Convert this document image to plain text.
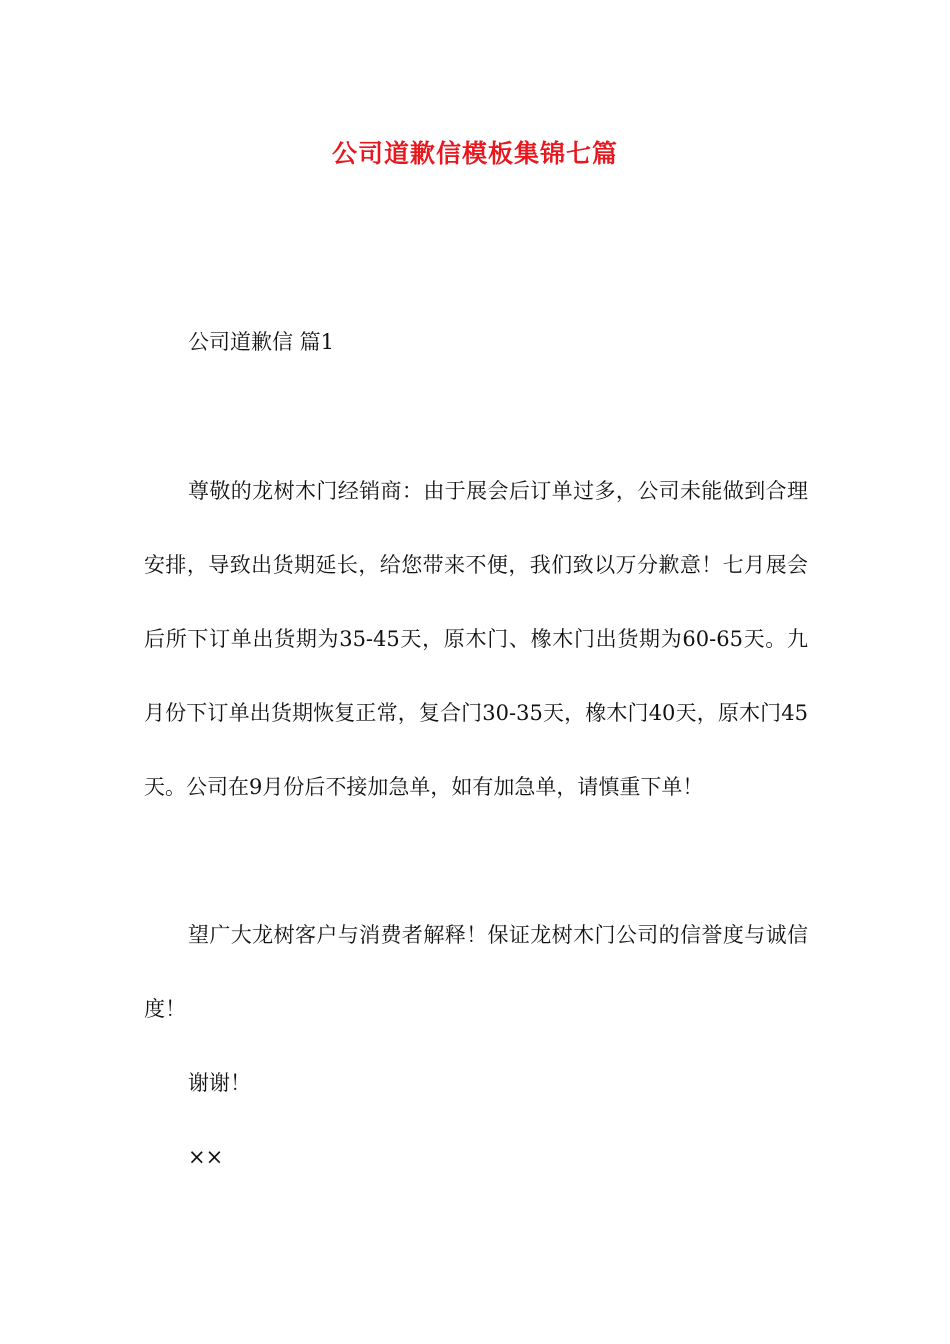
公司道歉信模板集锦七篇

公司道歉信 篇1

尊敬的龙树木门经销商：由于展会后订单过多，公司未能做到合理安排，导致出货期延长，给您带来不便，我们致以万分歉意！七月展会后所下订单出货期为35-45天，原木门、橡木门出货期为60-65天。九月份下订单出货期恢复正常，复合门30-35天，橡木门40天，原木门45天。公司在9月份后不接加急单，如有加急单，请慎重下单！

望广大龙树客户与消费者解释！保证龙树木门公司的信誉度与诚信度！

谢谢！

××
